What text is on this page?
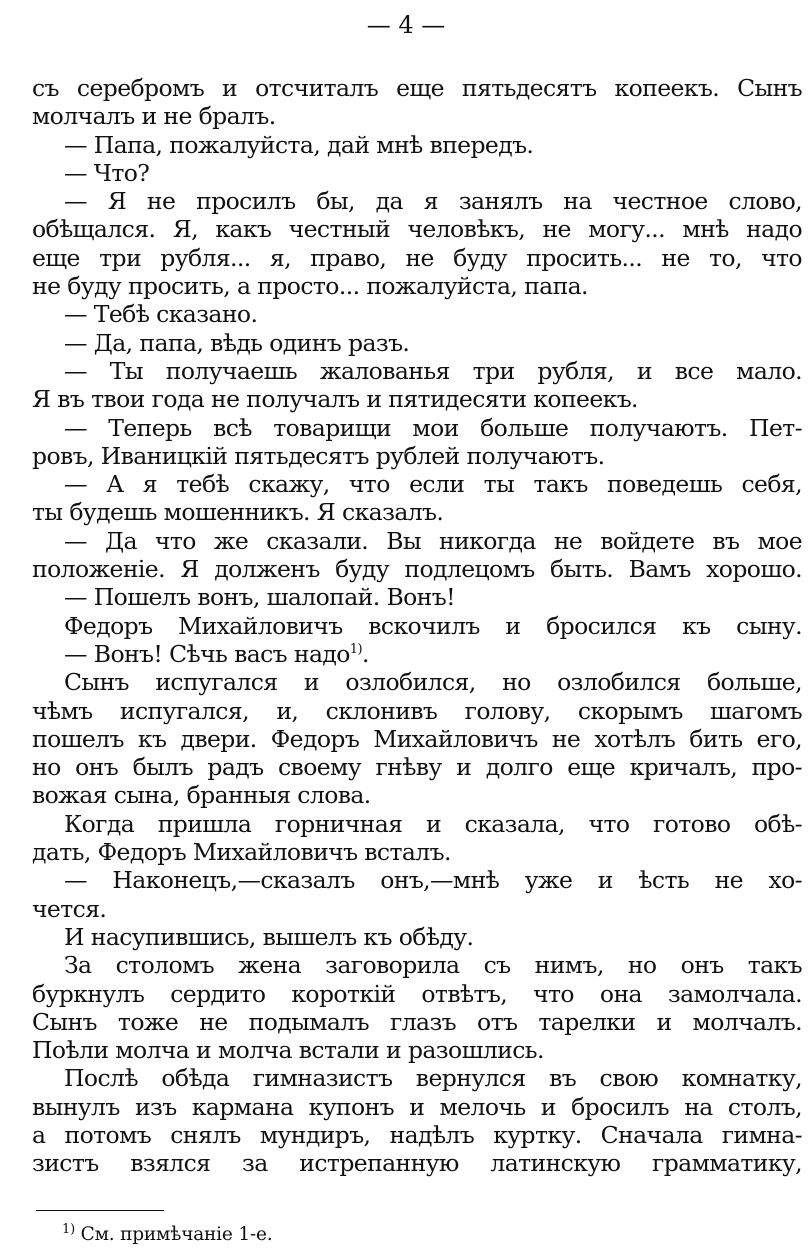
— 4 —
съ серебромъ и отсчиталъ еще пятьдесятъ копеекъ. Сынъ
молчалъ и не бралъ.
— Папа, пожалуйста, дай мнѣ впередъ.
— Что?
— Я не просилъ бы, да я занялъ на честное слово,
обѣщался. Я, какъ честный человѣкъ, не могу... мнѣ надо
еще три рубля... я, право, не буду просить... не то, что
не буду просить, а просто... пожалуйста, папа.
— Тебѣ сказано.
— Да, папа, вѣдь одинъ разъ.
— Ты получаешь жалованья три рубля, и все мало.
Я въ твои года не получалъ и пятидесяти копеекъ.
— Теперь всѣ товарищи мои больше получаютъ. Пет-
ровъ, Иваницкій пятьдесятъ рублей получаютъ.
— А я тебѣ скажу, что если ты такъ поведешь себя,
ты будешь мошенникъ. Я сказалъ.
— Да что же сказали. Вы никогда не войдете въ мое
положеніе. Я долженъ буду подлецомъ быть. Вамъ хорошо.
— Пошелъ вонъ, шалопай. Вонъ!
Федоръ Михайловичъ вскочилъ и бросился къ сыну.
— Вонъ! Сѣчь васъ надо$^{1)}$.
Сынъ испугался и озлобился, но озлобился больше,
чѣмъ испугался, и, склонивъ голову, скорымъ шагомъ
пошелъ къ двери. Федоръ Михайловичъ не хотѣлъ бить его,
но онъ былъ радъ своему гнѣву и долго еще кричалъ, про-
вожая сына, бранныя слова.
Когда пришла горничная и сказала, что готово обѣ-
дать, Федоръ Михайловичъ всталъ.
— Наконецъ,—сказалъ онъ,—мнѣ уже и ѣсть не хо-
чется.
И насупившись, вышелъ къ обѣду.
За столомъ жена заговорила съ нимъ, но онъ такъ
буркнулъ сердито короткій отвѣтъ, что она замолчала.
Сынъ тоже не подымалъ глазъ отъ тарелки и молчалъ.
Поѣли молча и молча встали и разошлись.
Послѣ обѣда гимназистъ вернулся въ свою комнатку,
вынулъ изъ кармана купонъ и мелочь и бросилъ на столъ,
а потомъ снялъ мундиръ, надѣлъ куртку. Сначала гимна-
зистъ взялся за истрепанную латинскую грамматику,
$^{1)}$ См. примѣчаніе 1-е.
